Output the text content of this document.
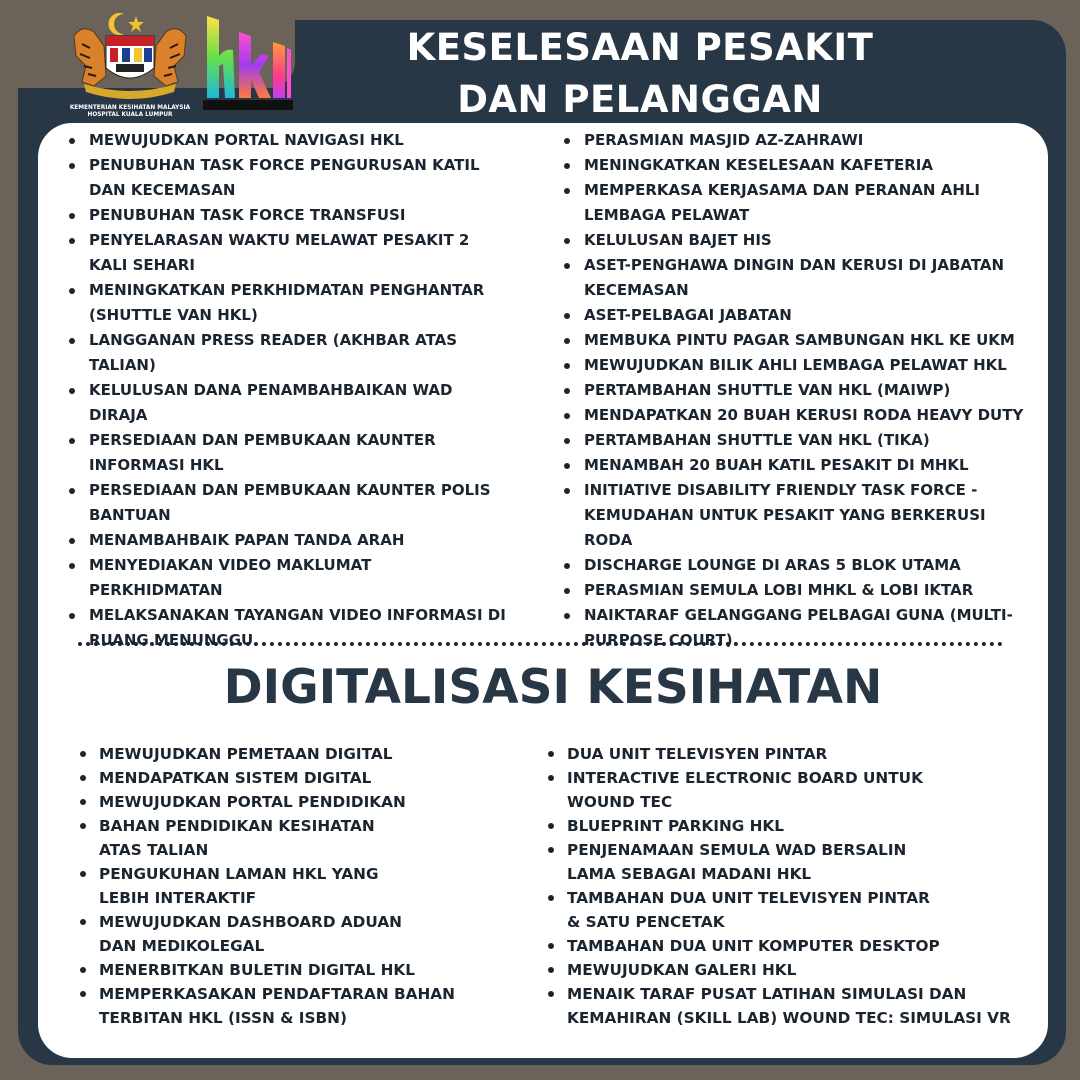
KEMENTERIAN KESIHATAN MALAYSIA
HOSPITAL KUALA LUMPUR
KESELESAAN PESAKIT
DAN PELANGGAN
MEWUJUDKAN PORTAL NAVIGASI HKL
PENUBUHAN TASK FORCE PENGURUSAN KATIL DAN KECEMASAN
PENUBUHAN TASK FORCE TRANSFUSI
PENYELARASAN WAKTU MELAWAT PESAKIT 2 KALI SEHARI
MENINGKATKAN PERKHIDMATAN PENGHANTAR (SHUTTLE VAN HKL)
LANGGANAN PRESS READER (AKHBAR ATAS TALIAN)
KELULUSAN DANA PENAMBAHBAIKAN WAD DIRAJA
PERSEDIAAN DAN PEMBUKAAN KAUNTER INFORMASI HKL
PERSEDIAAN DAN PEMBUKAAN KAUNTER POLIS BANTUAN
MENAMBAHBAIK PAPAN TANDA ARAH
MENYEDIAKAN VIDEO MAKLUMAT PERKHIDMATAN
MELAKSANAKAN TAYANGAN VIDEO INFORMASI DI RUANG MENUNGGU
PERASMIAN MASJID AZ-ZAHRAWI
MENINGKATKAN KESELESAAN KAFETERIA
MEMPERKASA KERJASAMA DAN PERANAN AHLI LEMBAGA PELAWAT
KELULUSAN BAJET HIS
ASET-PENGHAWA DINGIN DAN KERUSI DI JABATAN KECEMASAN
ASET-PELBAGAI JABATAN
MEMBUKA PINTU PAGAR SAMBUNGAN HKL KE UKM
MEWUJUDKAN BILIK AHLI LEMBAGA PELAWAT HKL
PERTAMBAHAN SHUTTLE VAN HKL (MAIWP)
MENDAPATKAN 20 BUAH KERUSI RODA HEAVY DUTY
PERTAMBAHAN SHUTTLE VAN HKL (TIKA)
MENAMBAH 20 BUAH KATIL PESAKIT DI MHKL
INITIATIVE DISABILITY FRIENDLY TASK FORCE - KEMUDAHAN UNTUK PESAKIT YANG BERKERUSI RODA
DISCHARGE LOUNGE DI ARAS 5 BLOK UTAMA
PERASMIAN SEMULA LOBI MHKL & LOBI IKTAR
NAIKTARAF GELANGGANG PELBAGAI GUNA (MULTI-PURPOSE COURT)
DIGITALISASI KESIHATAN
MEWUJUDKAN PEMETAAN DIGITAL
MENDAPATKAN SISTEM DIGITAL
MEWUJUDKAN PORTAL PENDIDIKAN
BAHAN PENDIDIKAN KESIHATAN
ATAS TALIAN
PENGUKUHAN LAMAN HKL YANG
LEBIH INTERAKTIF
MEWUJUDKAN DASHBOARD ADUAN
DAN MEDIKOLEGAL
MENERBITKAN BULETIN DIGITAL HKL
MEMPERKASAKAN PENDAFTARAN BAHAN
TERBITAN HKL (ISSN & ISBN)
DUA UNIT TELEVISYEN PINTAR
INTERACTIVE ELECTRONIC BOARD UNTUK
WOUND TEC
BLUEPRINT PARKING HKL
PENJENAMAAN SEMULA WAD BERSALIN
LAMA SEBAGAI MADANI HKL
TAMBAHAN DUA UNIT TELEVISYEN PINTAR
& SATU PENCETAK
TAMBAHAN DUA UNIT KOMPUTER DESKTOP
MEWUJUDKAN GALERI HKL
MENAIK TARAF PUSAT LATIHAN SIMULASI DAN
KEMAHIRAN (SKILL LAB) WOUND TEC: SIMULASI VR
